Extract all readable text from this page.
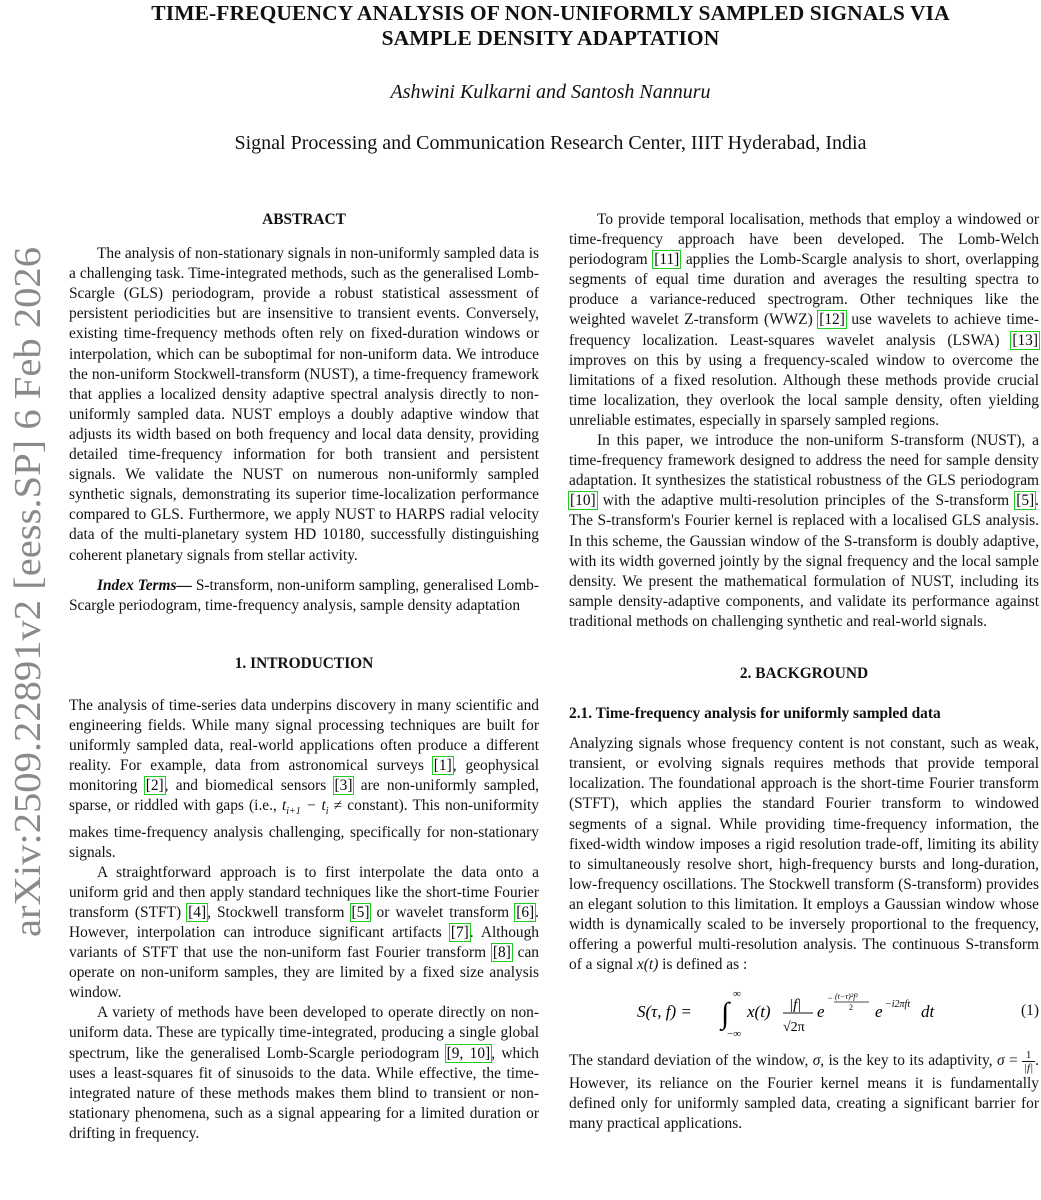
arXiv:2509.22891v2 [eess.SP] 6 Feb 2026

TIME-FREQUENCY ANALYSIS OF NON-UNIFORMLY SAMPLED SIGNALS VIA
SAMPLE DENSITY ADAPTATION

Ashwini Kulkarni and Santosh Nannuru
Signal Processing and Communication Research Center, IIIT Hyderabad, India

ABSTRACT

The analysis of non-stationary signals in non-uniformly sampled data is a challenging task. Time-integrated methods, such as the generalised Lomb-Scargle (GLS) periodogram, provide a robust statistical assessment of persistent periodicities but are insensitive to transient events. Conversely, existing time-frequency methods often rely on fixed-duration windows or interpolation, which can be suboptimal for non-uniform data. We introduce the non-uniform Stockwell-transform (NUST), a time-frequency framework that applies a localized density adaptive spectral analysis directly to non-uniformly sampled data. NUST employs a doubly adaptive window that adjusts its width based on both frequency and local data density, providing detailed time-frequency information for both transient and persistent signals. We validate the NUST on numerous non-uniformly sampled synthetic signals, demonstrating its superior time-localization performance compared to GLS. Furthermore, we apply NUST to HARPS radial velocity data of the multi-planetary system HD 10180, successfully distinguishing coherent planetary signals from stellar activity.

Index Terms— S-transform, non-uniform sampling, generalised Lomb-Scargle periodogram, time-frequency analysis, sample density adaptation

1. INTRODUCTION

The analysis of time-series data underpins discovery in many scientific and engineering fields. While many signal processing techniques are built for uniformly sampled data, real-world applications often produce a different reality. For example, data from astronomical surveys [1], geophysical monitoring [2], and biomedical sensors [3] are non-uniformly sampled, sparse, or riddled with gaps (i.e., $t_{i+1} - t_i$ ≠ constant). This non-uniformity makes time-frequency analysis challenging, specifically for non-stationary signals.

A straightforward approach is to first interpolate the data onto a uniform grid and then apply standard techniques like the short-time Fourier transform (STFT) [4], Stockwell transform [5] or wavelet transform [6]. However, interpolation can introduce significant artifacts [7]. Although variants of STFT that use the non-uniform fast Fourier transform [8] can operate on non-uniform samples, they are limited by a fixed size analysis window.

A variety of methods have been developed to operate directly on non-uniform data. These are typically time-integrated, producing a single global spectrum, like the generalised Lomb-Scargle periodogram [9, 10], which uses a least-squares fit of sinusoids to the data. While effective, the time-integrated nature of these methods makes them blind to transient or non-stationary phenomena, such as a signal appearing for a limited duration or drifting in frequency.

To provide temporal localisation, methods that employ a windowed or time-frequency approach have been developed. The Lomb-Welch periodogram [11] applies the Lomb-Scargle analysis to short, overlapping segments of equal time duration and averages the resulting spectra to produce a variance-reduced spectrogram. Other techniques like the weighted wavelet Z-transform (WWZ) [12] use wavelets to achieve time-frequency localization. Least-squares wavelet analysis (LSWA) [13] improves on this by using a frequency-scaled window to overcome the limitations of a fixed resolution. Although these methods provide crucial time localization, they overlook the local sample density, often yielding unreliable estimates, especially in sparsely sampled regions.

In this paper, we introduce the non-uniform S-transform (NUST), a time-frequency framework designed to address the need for sample density adaptation. It synthesizes the statistical robustness of the GLS periodogram [10] with the adaptive multi-resolution principles of the S-transform [5]. The S-transform's Fourier kernel is replaced with a localised GLS analysis. In this scheme, the Gaussian window of the S-transform is doubly adaptive, with its width governed jointly by the signal frequency and the local sample density. We present the mathematical formulation of NUST, including its sample density-adaptive components, and validate its performance against traditional methods on challenging synthetic and real-world signals.

2. BACKGROUND

2.1. Time-frequency analysis for uniformly sampled data

Analyzing signals whose frequency content is not constant, such as weak, transient, or evolving signals requires methods that provide temporal localization. The foundational approach is the short-time Fourier transform (STFT), which applies the standard Fourier transform to windowed segments of a signal. While providing time-frequency information, the fixed-width window imposes a rigid resolution trade-off, limiting its ability to simultaneously resolve short, high-frequency bursts and long-duration, low-frequency oscillations. The Stockwell transform (S-transform) provides an elegant solution to this limitation. It employs a Gaussian window whose width is dynamically scaled to be inversely proportional to the frequency, offering a powerful multi-resolution analysis. The continuous S-transform of a signal x(t) is defined as :

S(τ, f) = ∫
∞
−∞
x(t) |f|
√2π
e
− (t−τ)²f²
2 e −i2πft dt	(1)

The standard deviation of the window, σ, is the key to its adaptivity, $\sigma = \frac{1}{|f|}$ . However, its reliance on the Fourier kernel means it is fundamentally defined only for uniformly sampled data, creating a significant barrier for many practical applications.
